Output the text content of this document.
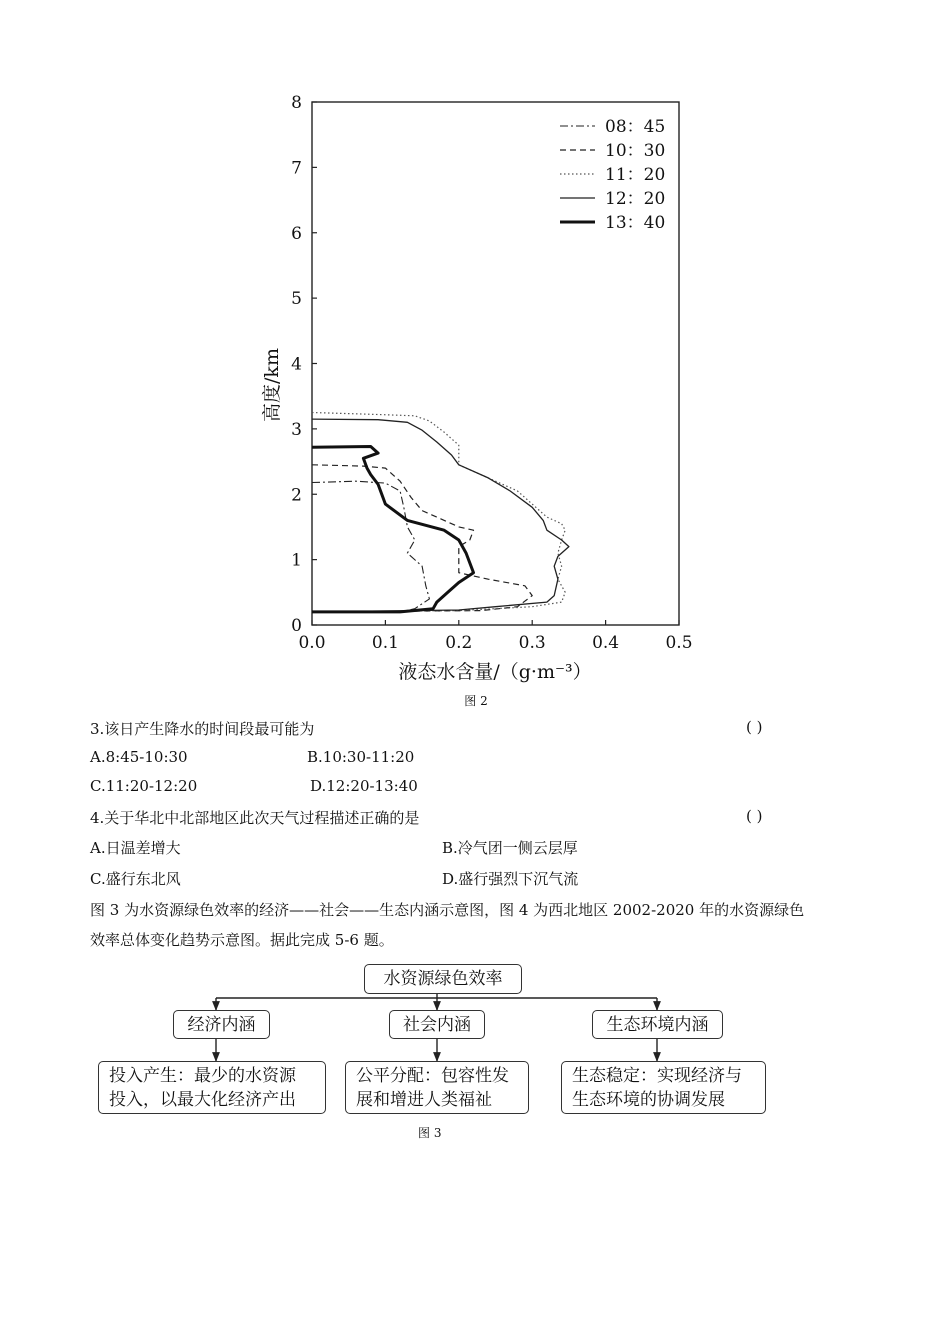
0.0	0.1	0.2	0.3	0.4	0.5
0
1
2
3
4
5
6
7
8
08：45
10：30
11：20
12：20
13：40
液态水含量/（g·m⁻³）
高度/km
图 2
3.该日产生降水的时间段最可能为	( )
A.8:45-10:30	B.10:30-11:20
C.11:20-12:20	D.12:20-13:40
4.关于华北中北部地区此次天气过程描述正确的是	( )
A.日温差增大	B.冷气团一侧云层厚
C.盛行东北风	D.盛行强烈下沉气流
图 3 为水资源绿色效率的经济——社会——生态内涵示意图，图 4 为西北地区 2002-2020 年的水资源绿色
效率总体变化趋势示意图。据此完成 5-6 题。
水资源绿色效率
经济内涵	社会内涵	生态环境内涵
投入产生：最少的水资源
投入，以最大化经济产出
公平分配：包容性发
展和增进人类福祉
生态稳定：实现经济与
生态环境的协调发展
图 3
